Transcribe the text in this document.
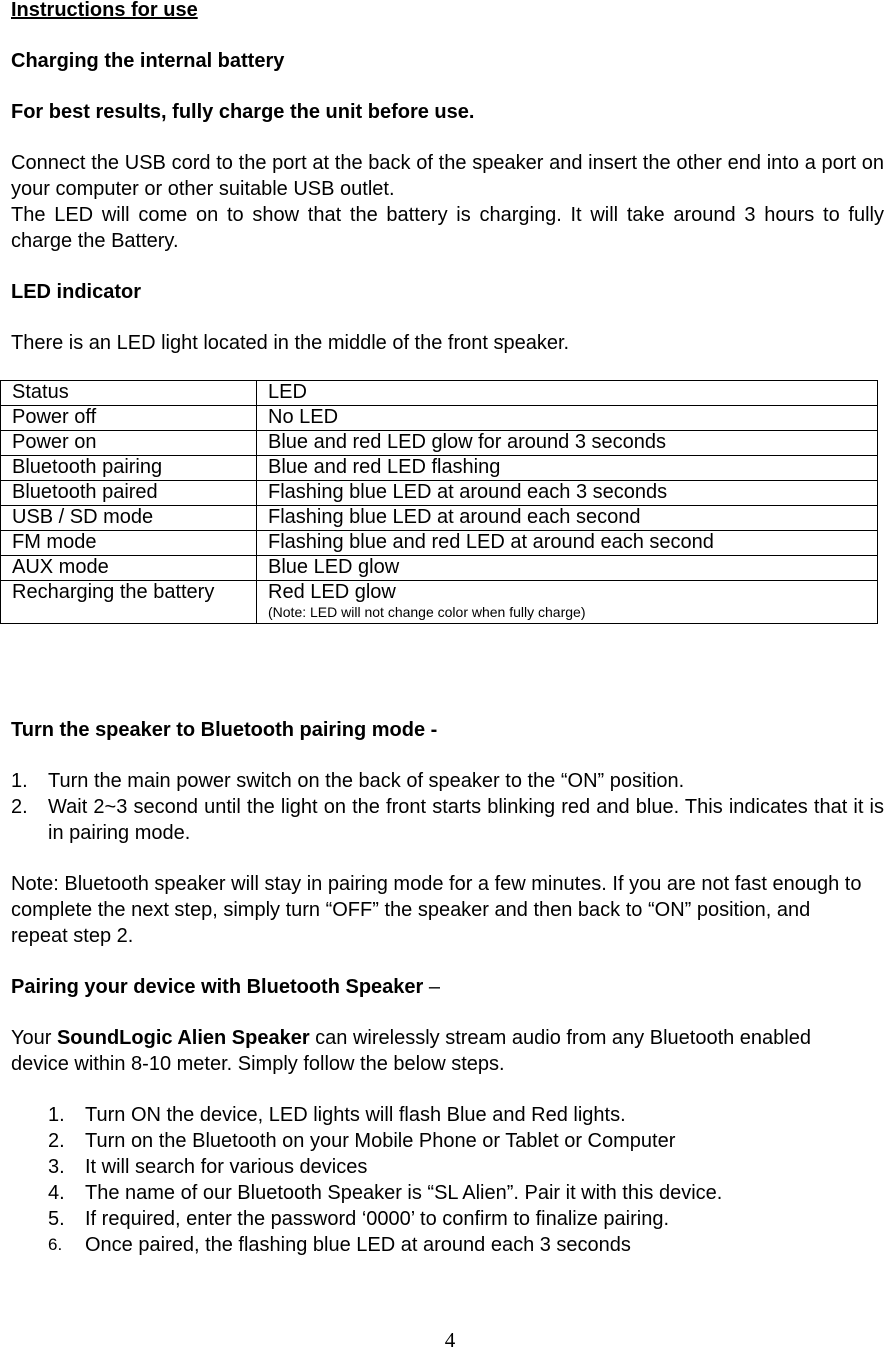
Instructions for use
Charging the internal battery
For best results, fully charge the unit before use.
Connect the USB cord to the port at the back of the speaker and insert the other end into a port on your computer or other suitable USB outlet.
The LED will come on to show that the battery is charging. It will take around 3 hours to fully charge the Battery.
LED indicator
There is an LED light located in the middle of the front speaker.
Status	LED
Power off	No LED
Power on	Blue and red LED glow for around 3 seconds
Bluetooth pairing	Blue and red LED flashing
Bluetooth paired	Flashing blue LED at around each 3 seconds
USB / SD mode	Flashing blue LED at around each second
FM mode	Flashing blue and red LED at around each second
AUX mode	Blue LED glow
Recharging the battery	Red LED glow
(Note: LED will not change color when fully charge)
Turn the speaker to Bluetooth pairing mode -
1. Turn the main power switch on the back of speaker to the “ON” position.
2. Wait 2~3 second until the light on the front starts blinking red and blue. This indicates that it is in pairing mode.
Note: Bluetooth speaker will stay in pairing mode for a few minutes. If you are not fast enough to complete the next step, simply turn “OFF” the speaker and then back to “ON” position, and repeat step 2.
Pairing your device with Bluetooth Speaker –
Your SoundLogic Alien Speaker can wirelessly stream audio from any Bluetooth enabled device within 8-10 meter. Simply follow the below steps.
1. Turn ON the device, LED lights will flash Blue and Red lights.
2. Turn on the Bluetooth on your Mobile Phone or Tablet or Computer
3. It will search for various devices
4. The name of our Bluetooth Speaker is “SL Alien”. Pair it with this device.
5. If required, enter the password ‘0000’ to confirm to finalize pairing.
6. Once paired, the flashing blue LED at around each 3 seconds
4
